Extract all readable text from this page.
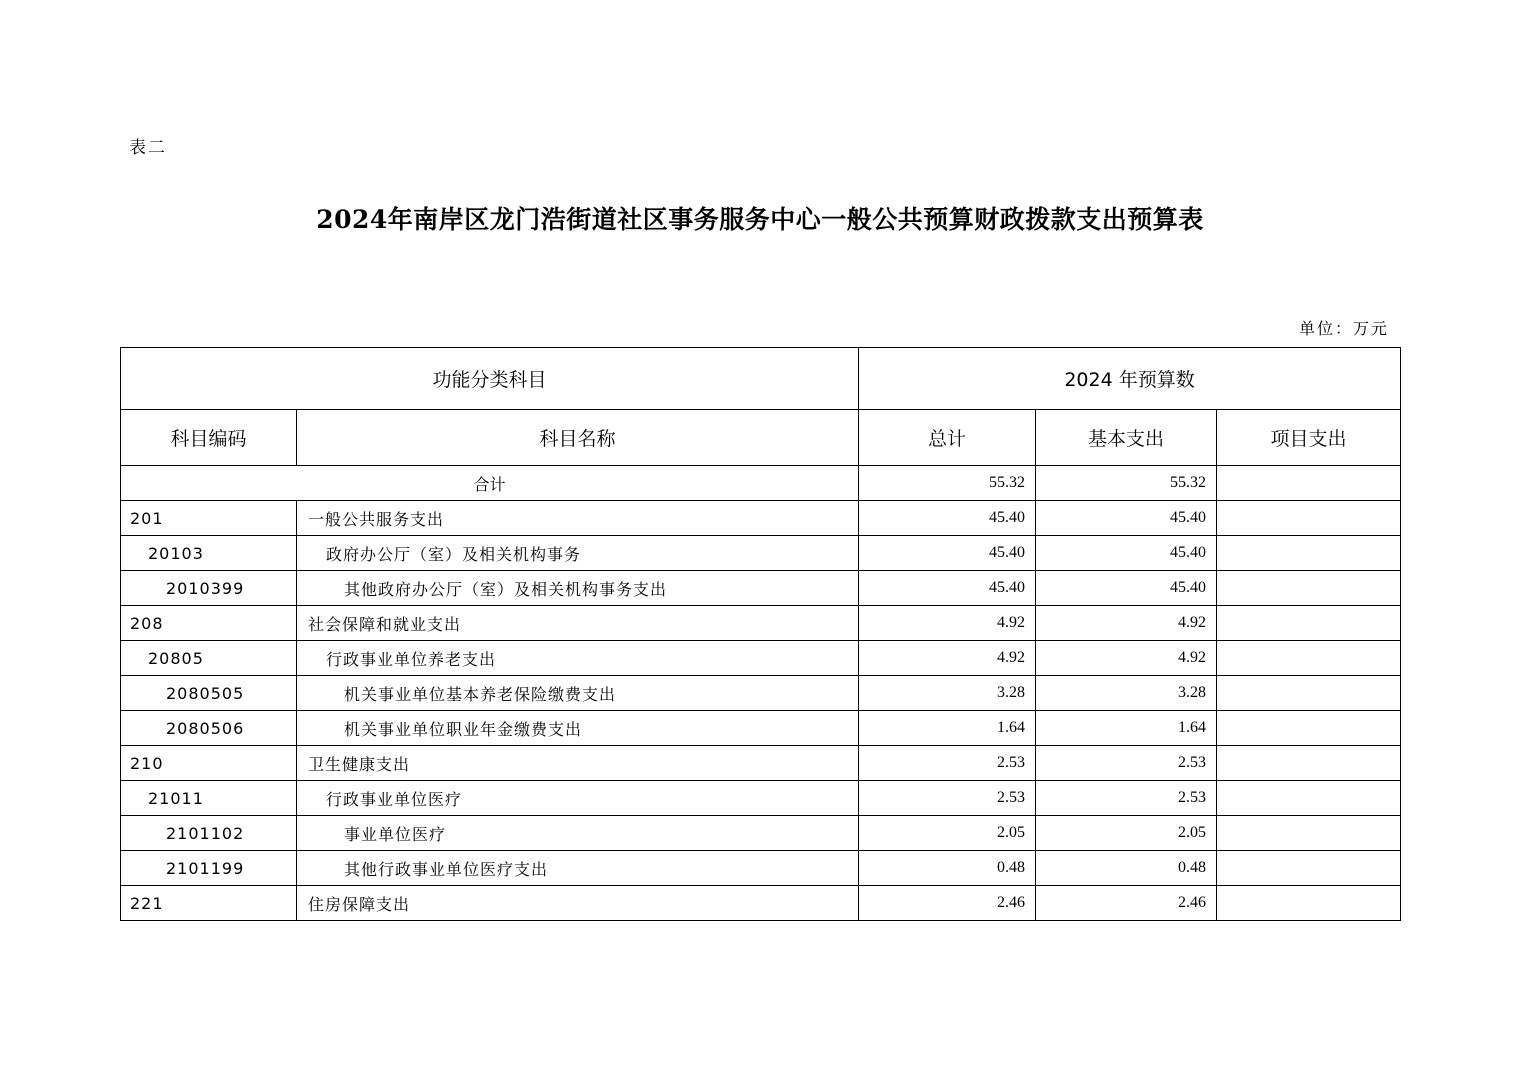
表二
2024年南岸区龙门浩街道社区事务服务中心一般公共预算财政拨款支出预算表
单位：万元
功能分类科目		2024 年预算数		
科目编码	科目名称	总计	基本支出	项目支出
合计		55.32	55.32	
201	一般公共服务支出	45.40	45.40	
20103	政府办公厅（室）及相关机构事务	45.40	45.40	
2010399	其他政府办公厅（室）及相关机构事务支出	45.40	45.40	
208	社会保障和就业支出	4.92	4.92	
20805	行政事业单位养老支出	4.92	4.92	
2080505	机关事业单位基本养老保险缴费支出	3.28	3.28	
2080506	机关事业单位职业年金缴费支出	1.64	1.64	
210	卫生健康支出	2.53	2.53	
21011	行政事业单位医疗	2.53	2.53	
2101102	事业单位医疗	2.05	2.05	
2101199	其他行政事业单位医疗支出	0.48	0.48	
221	住房保障支出	2.46	2.46	
